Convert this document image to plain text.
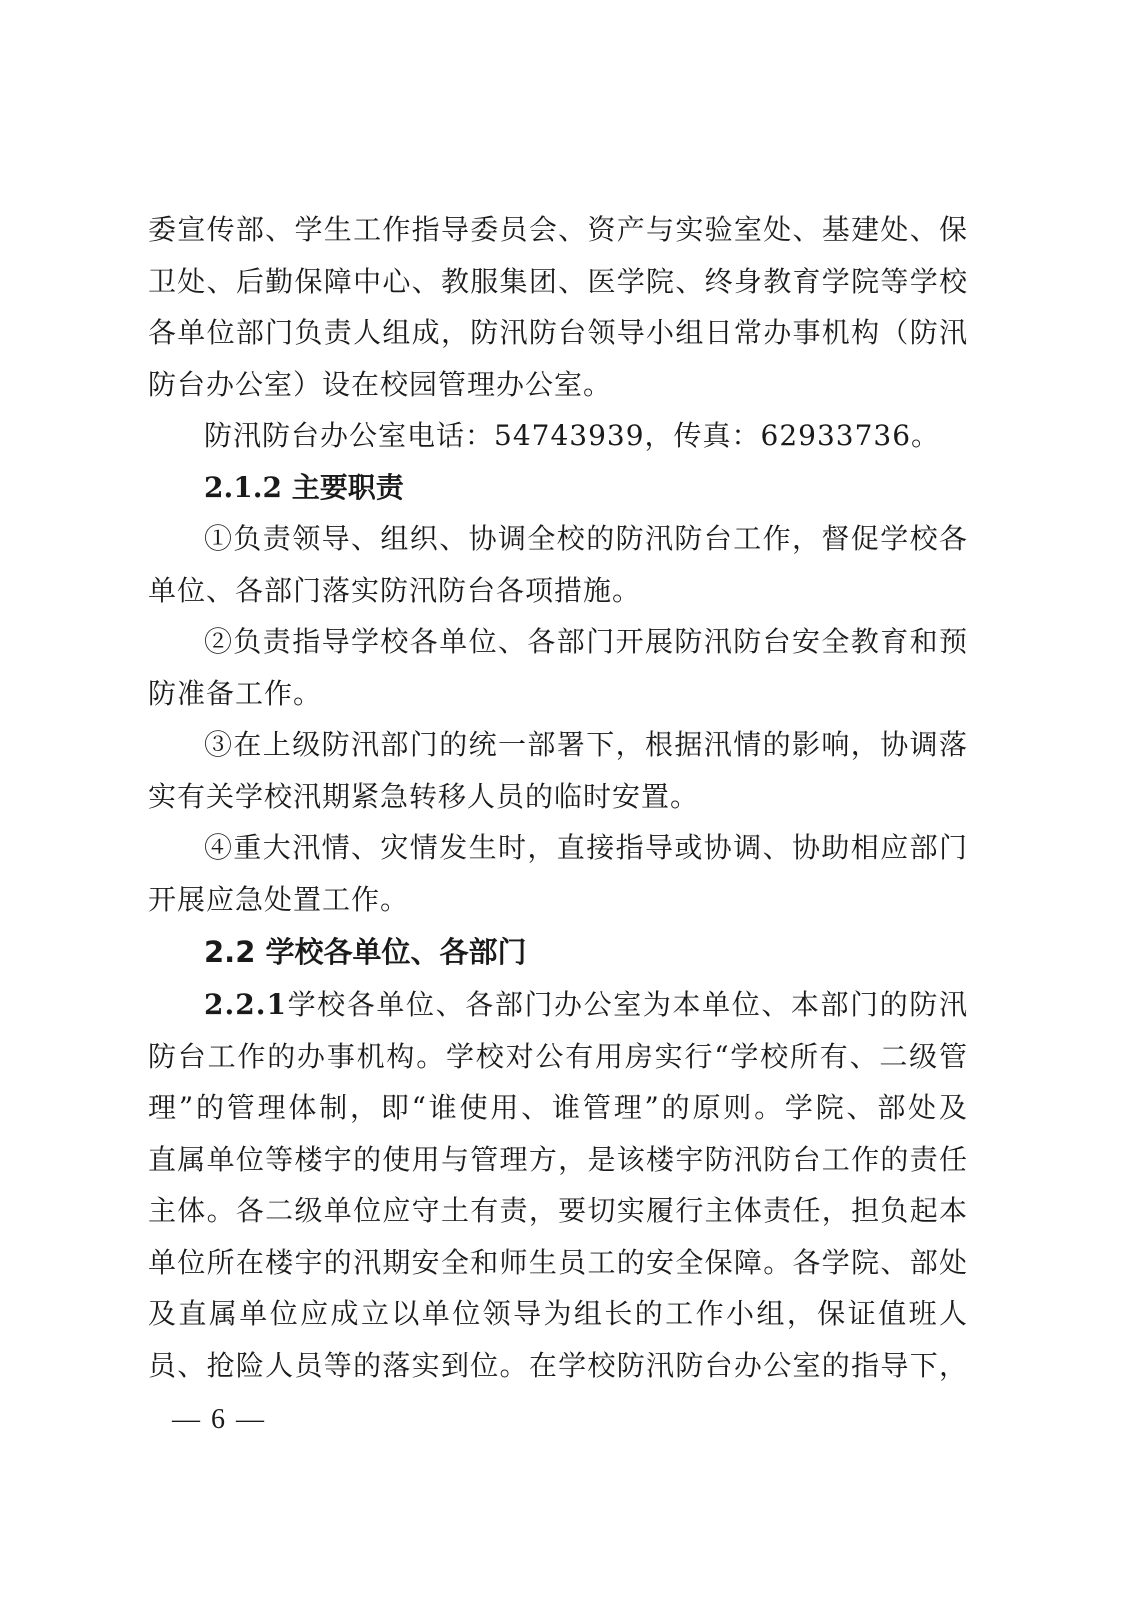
委宣传部、学生工作指导委员会、资产与实验室处、基建处、保

卫处、后勤保障中心、教服集团、医学院、终身教育学院等学校

各单位部门负责人组成，防汛防台领导小组日常办事机构（防汛

防台办公室）设在校园管理办公室。

防汛防台办公室电话：54743939，传真：62933736。

2.1.2 主要职责

①负责领导、组织、协调全校的防汛防台工作，督促学校各

单位、各部门落实防汛防台各项措施。

②负责指导学校各单位、各部门开展防汛防台安全教育和预

防准备工作。

③在上级防汛部门的统一部署下，根据汛情的影响，协调落

实有关学校汛期紧急转移人员的临时安置。

④重大汛情、灾情发生时，直接指导或协调、协助相应部门

开展应急处置工作。

2.2 学校各单位、各部门

2.2.1学校各单位、各部门办公室为本单位、本部门的防汛

防台工作的办事机构。学校对公有用房实行“学校所有、二级管

理”的管理体制，即“谁使用、谁管理”的原则。学院、部处及

直属单位等楼宇的使用与管理方，是该楼宇防汛防台工作的责任

主体。各二级单位应守土有责，要切实履行主体责任，担负起本

单位所在楼宇的汛期安全和师生员工的安全保障。各学院、部处

及直属单位应成立以单位领导为组长的工作小组，保证值班人

员、抢险人员等的落实到位。在学校防汛防台办公室的指导下，

— 6 —
